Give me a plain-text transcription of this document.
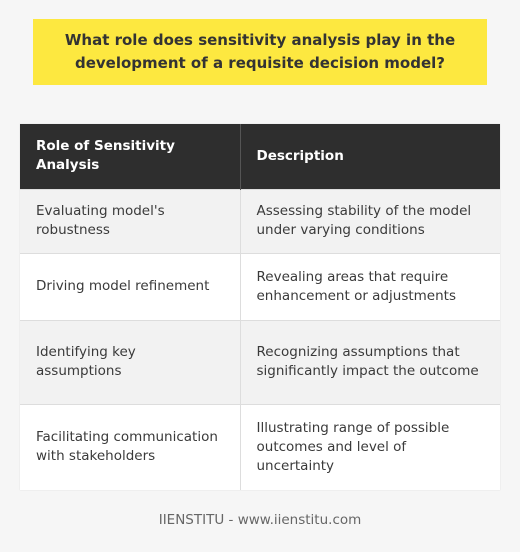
What role does sensitivity analysis play in the
development of a requisite decision model?
Role of Sensitivity Analysis	Description
Evaluating model's robustness	Assessing stability of the model under varying conditions
Driving model refinement	Revealing areas that require enhancement or adjustments
Identifying key assumptions	Recognizing assumptions that significantly impact the outcome
Facilitating communication with stakeholders	Illustrating range of possible outcomes and level of uncertainty
IIENSTITU - www.iienstitu.com
